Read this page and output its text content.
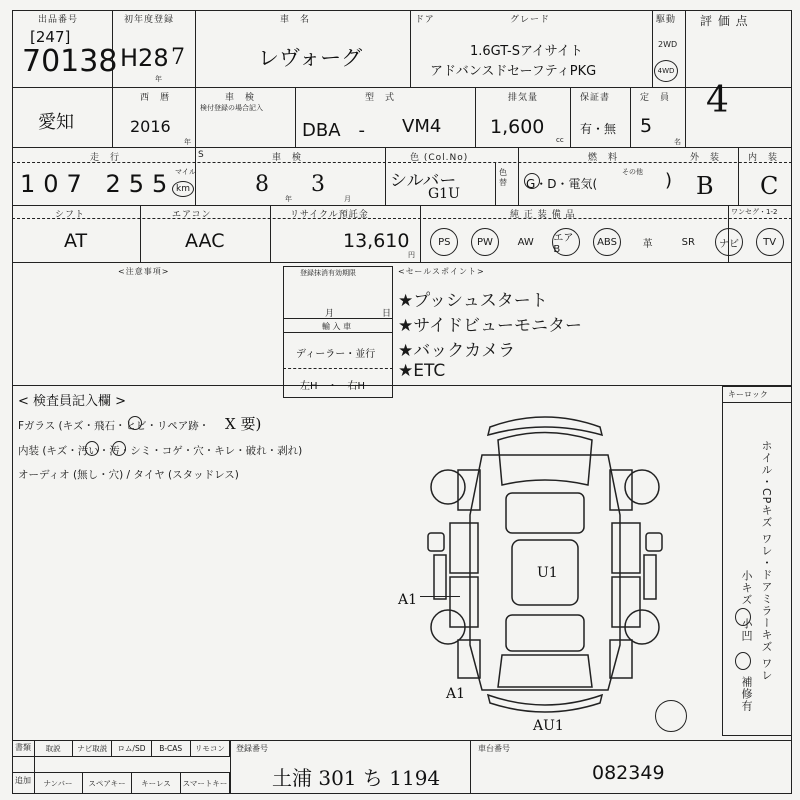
出品番号
[247]
70138
初年度登録
H28 7
年
車　名
レヴォーグ
ドア	グレード
1.6GT-Sアイサイト
アドバンスドセーフティPKG
駆動
2WD
4WD
評 価 点
4
愛知
西　暦
2016
年
車　検
検付登録の場合記入
型　式
DBA　- VM4
排気量
1,600
cc
保証書
有・無
定　員
5
名
走　行	S
107 255 km
マイル
車　検
8
年
3
月
色 (Col.No)
シルバー
G1U
色替
燃　料
G・D・電気(
その他 )
外　装
B
内　装
C
シフト
AT
エアコン
AAC
リサイクル預託金
13,610
円
純 正 装 備 品	ワンセグ・1-2
PS	PW	AW	エアB
ABS	革	SR	ナビ	TV
<注意事項>	登録抹消有効期限
月	日
輸 入 車
ディーラー・並行
左H　・　右H
<セールスポイント>
★プッシュスタート
★サイドビューモニター
★バックカメラ
★ETC
< 検査員記入欄 >
Fガラス (キズ・飛石・ヒビ・リペア跡・ X 要)
内装 (キズ・汚い・汚・シミ・コゲ・穴・キレ・破れ・剥れ)
オーディオ (無し・穴) / タイヤ (スタッドレス)
キーロック
ホイル・CPキズ ワレ・ドアミラーキズ ワレ
小キズ
小凹
補修有
U1
A1
A1
AU1
書類
追加
取説	ナビ取説	ロム/SD	B-CAS	リモコン
ナンバー	スペアキー	キーレス	スマートキー
登録番号
土浦 301 ち 1194
車台番号
082349
